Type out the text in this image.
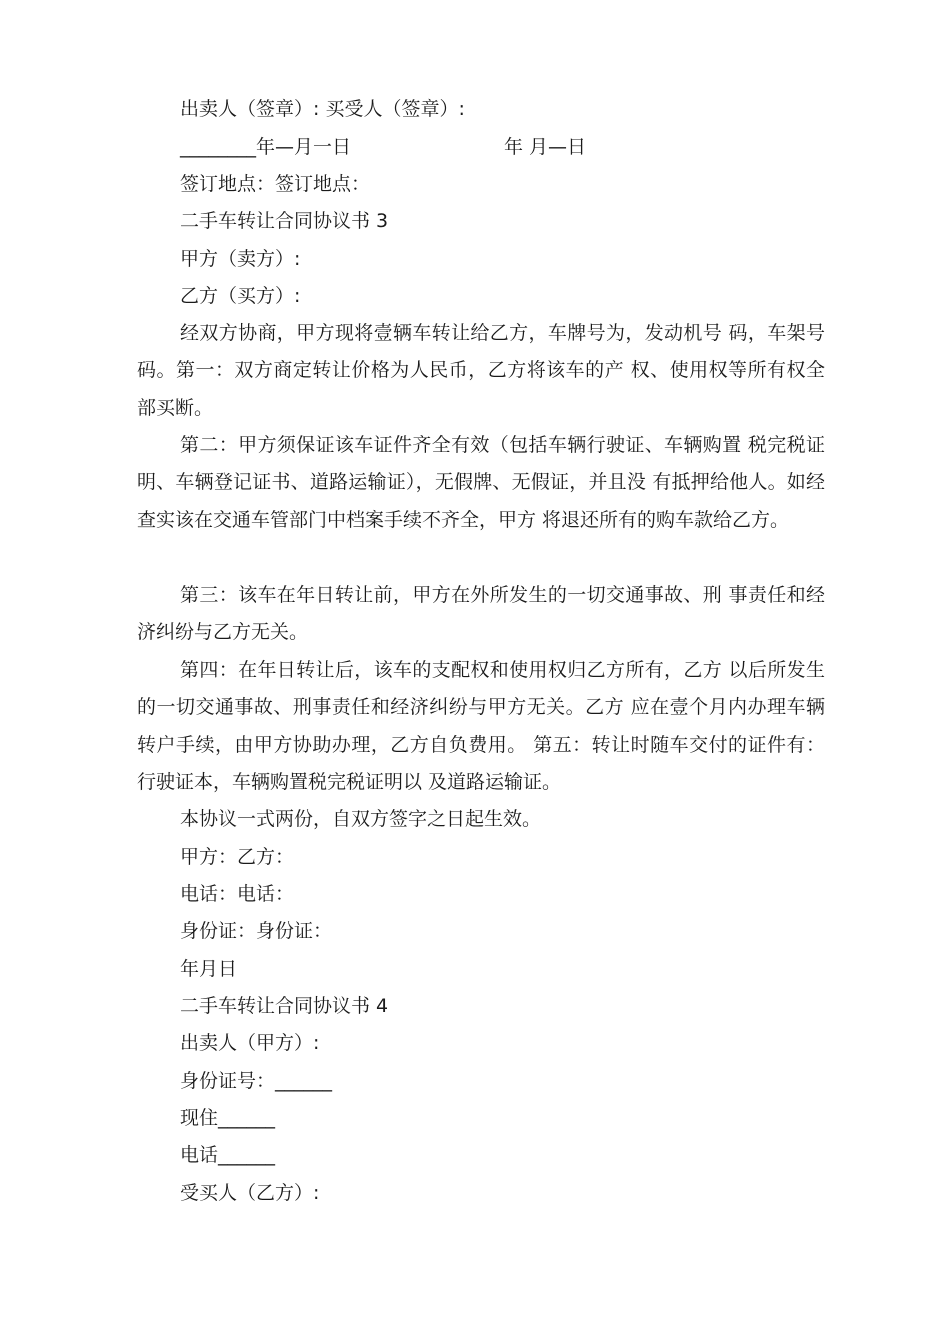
出卖人（签章）: 买受人（签章）:
________年—月一日	年 月—日
签订地点：签订地点：
二手车转让合同协议书 3
甲方（卖方）:
乙方（买方）:

经双方协商，甲方现将壹辆车转让给乙方，车牌号为，发动机号 码，车架号码。第一：双方商定转让价格为人民币，乙方将该车的产 权、使用权等所有权全部买断。

第二：甲方须保证该车证件齐全有效（包括车辆行驶证、车辆购置 税完税证明、车辆登记证书、道路运输证），无假牌、无假证，并且没 有抵押给他人。如经查实该在交通车管部门中档案手续不齐全，甲方 将退还所有的购车款给乙方。

第三：该车在年日转让前，甲方在外所发生的一切交通事故、刑 事责任和经济纠纷与乙方无关。

第四：在年日转让后，该车的支配权和使用权归乙方所有，乙方 以后所发生的一切交通事故、刑事责任和经济纠纷与甲方无关。乙方 应在壹个月内办理车辆转户手续，由甲方协助办理，乙方自负费用。 第五：转让时随车交付的证件有：行驶证本，车辆购置税完税证明以 及道路运输证。

本协议一式两份，自双方签字之日起生效。
甲方：乙方：
电话：电话：
身份证：身份证：
年月日
二手车转让合同协议书 4
出卖人（甲方）:
身份证号：______
现住______
电话______
受买人（乙方）:
